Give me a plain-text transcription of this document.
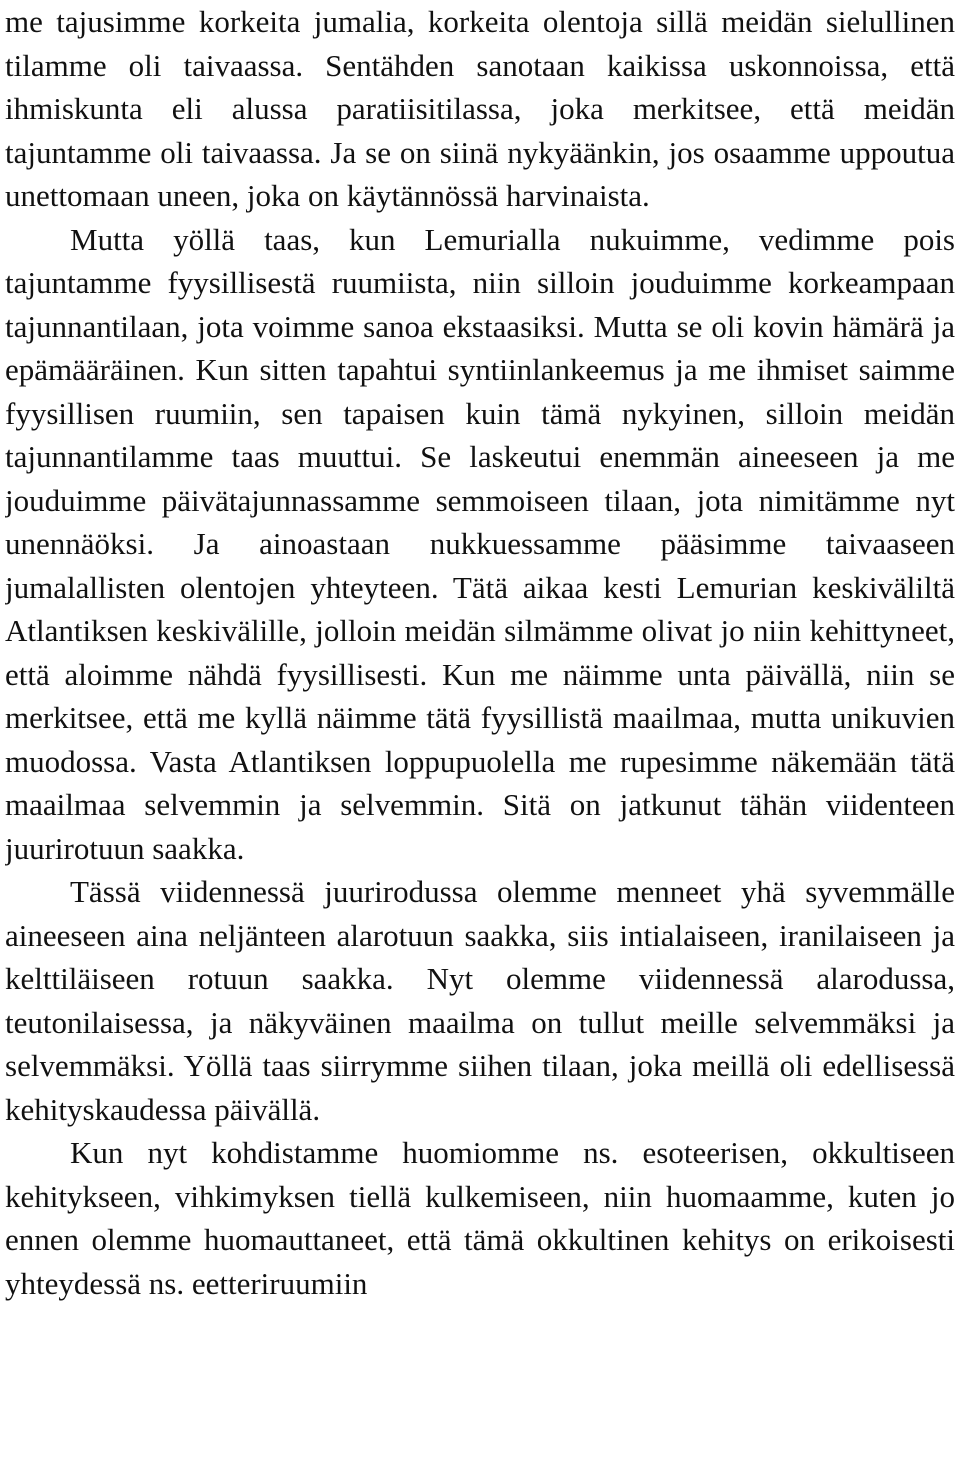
me tajusimme korkeita jumalia, korkeita olentoja sillä meidän sielullinen tilamme oli taivaassa. Sentähden sanotaan kaikissa uskonnoissa, että ihmiskunta eli alussa paratiisitilassa, joka merkitsee, että meidän tajuntamme oli taivaassa. Ja se on siinä nykyäänkin, jos osaamme uppoutua unettomaan uneen, joka on käytännössä harvinaista.

Mutta yöllä taas, kun Lemurialla nukuimme, vedimme pois tajuntamme fyysillisestä ruumiista, niin silloin jouduimme korkeampaan tajunnantilaan, jota voimme sanoa ekstaasiksi. Mutta se oli kovin hämärä ja epämääräinen. Kun sitten tapahtui syntiinlankeemus ja me ihmiset saimme fyysillisen ruumiin, sen tapaisen kuin tämä nykyinen, silloin meidän tajunnantilamme taas muuttui. Se laskeutui enemmän aineeseen ja me jouduimme päivätajunnassamme semmoiseen tilaan, jota nimitämme nyt unennäöksi. Ja ainoastaan nukkuessamme pääsimme taivaaseen jumalallisten olentojen yhteyteen. Tätä aikaa kesti Lemurian keskiväliltä Atlantiksen keskivälille, jolloin meidän silmämme olivat jo niin kehittyneet, että aloimme nähdä fyysillisesti. Kun me näimme unta päivällä, niin se merkitsee, että me kyllä näimme tätä fyysillistä maailmaa, mutta unikuvien muodossa. Vasta Atlantiksen loppupuolella me rupesimme näkemään tätä maailmaa selvemmin ja selvemmin. Sitä on jatkunut tähän viidenteen juurirotuun saakka.

Tässä viidennessä juurirodussa olemme menneet yhä syvemmälle aineeseen aina neljänteen alarotuun saakka, siis intialaiseen, iranilaiseen ja kelttiläiseen rotuun saakka. Nyt olemme viidennessä alarodussa, teutonilaisessa, ja näkyväinen maailma on tullut meille selvemmäksi ja selvemmäksi. Yöllä taas siirrymme siihen tilaan, joka meillä oli edellisessä kehityskaudessa päivällä.

Kun nyt kohdistamme huomiomme ns. esoteerisen, okkultiseen kehitykseen, vihkimyksen tiellä kulkemiseen, niin huomaamme, kuten jo ennen olemme huomauttaneet, että tämä okkultinen kehitys on erikoisesti yhteydessä ns. eetteriruumiin
